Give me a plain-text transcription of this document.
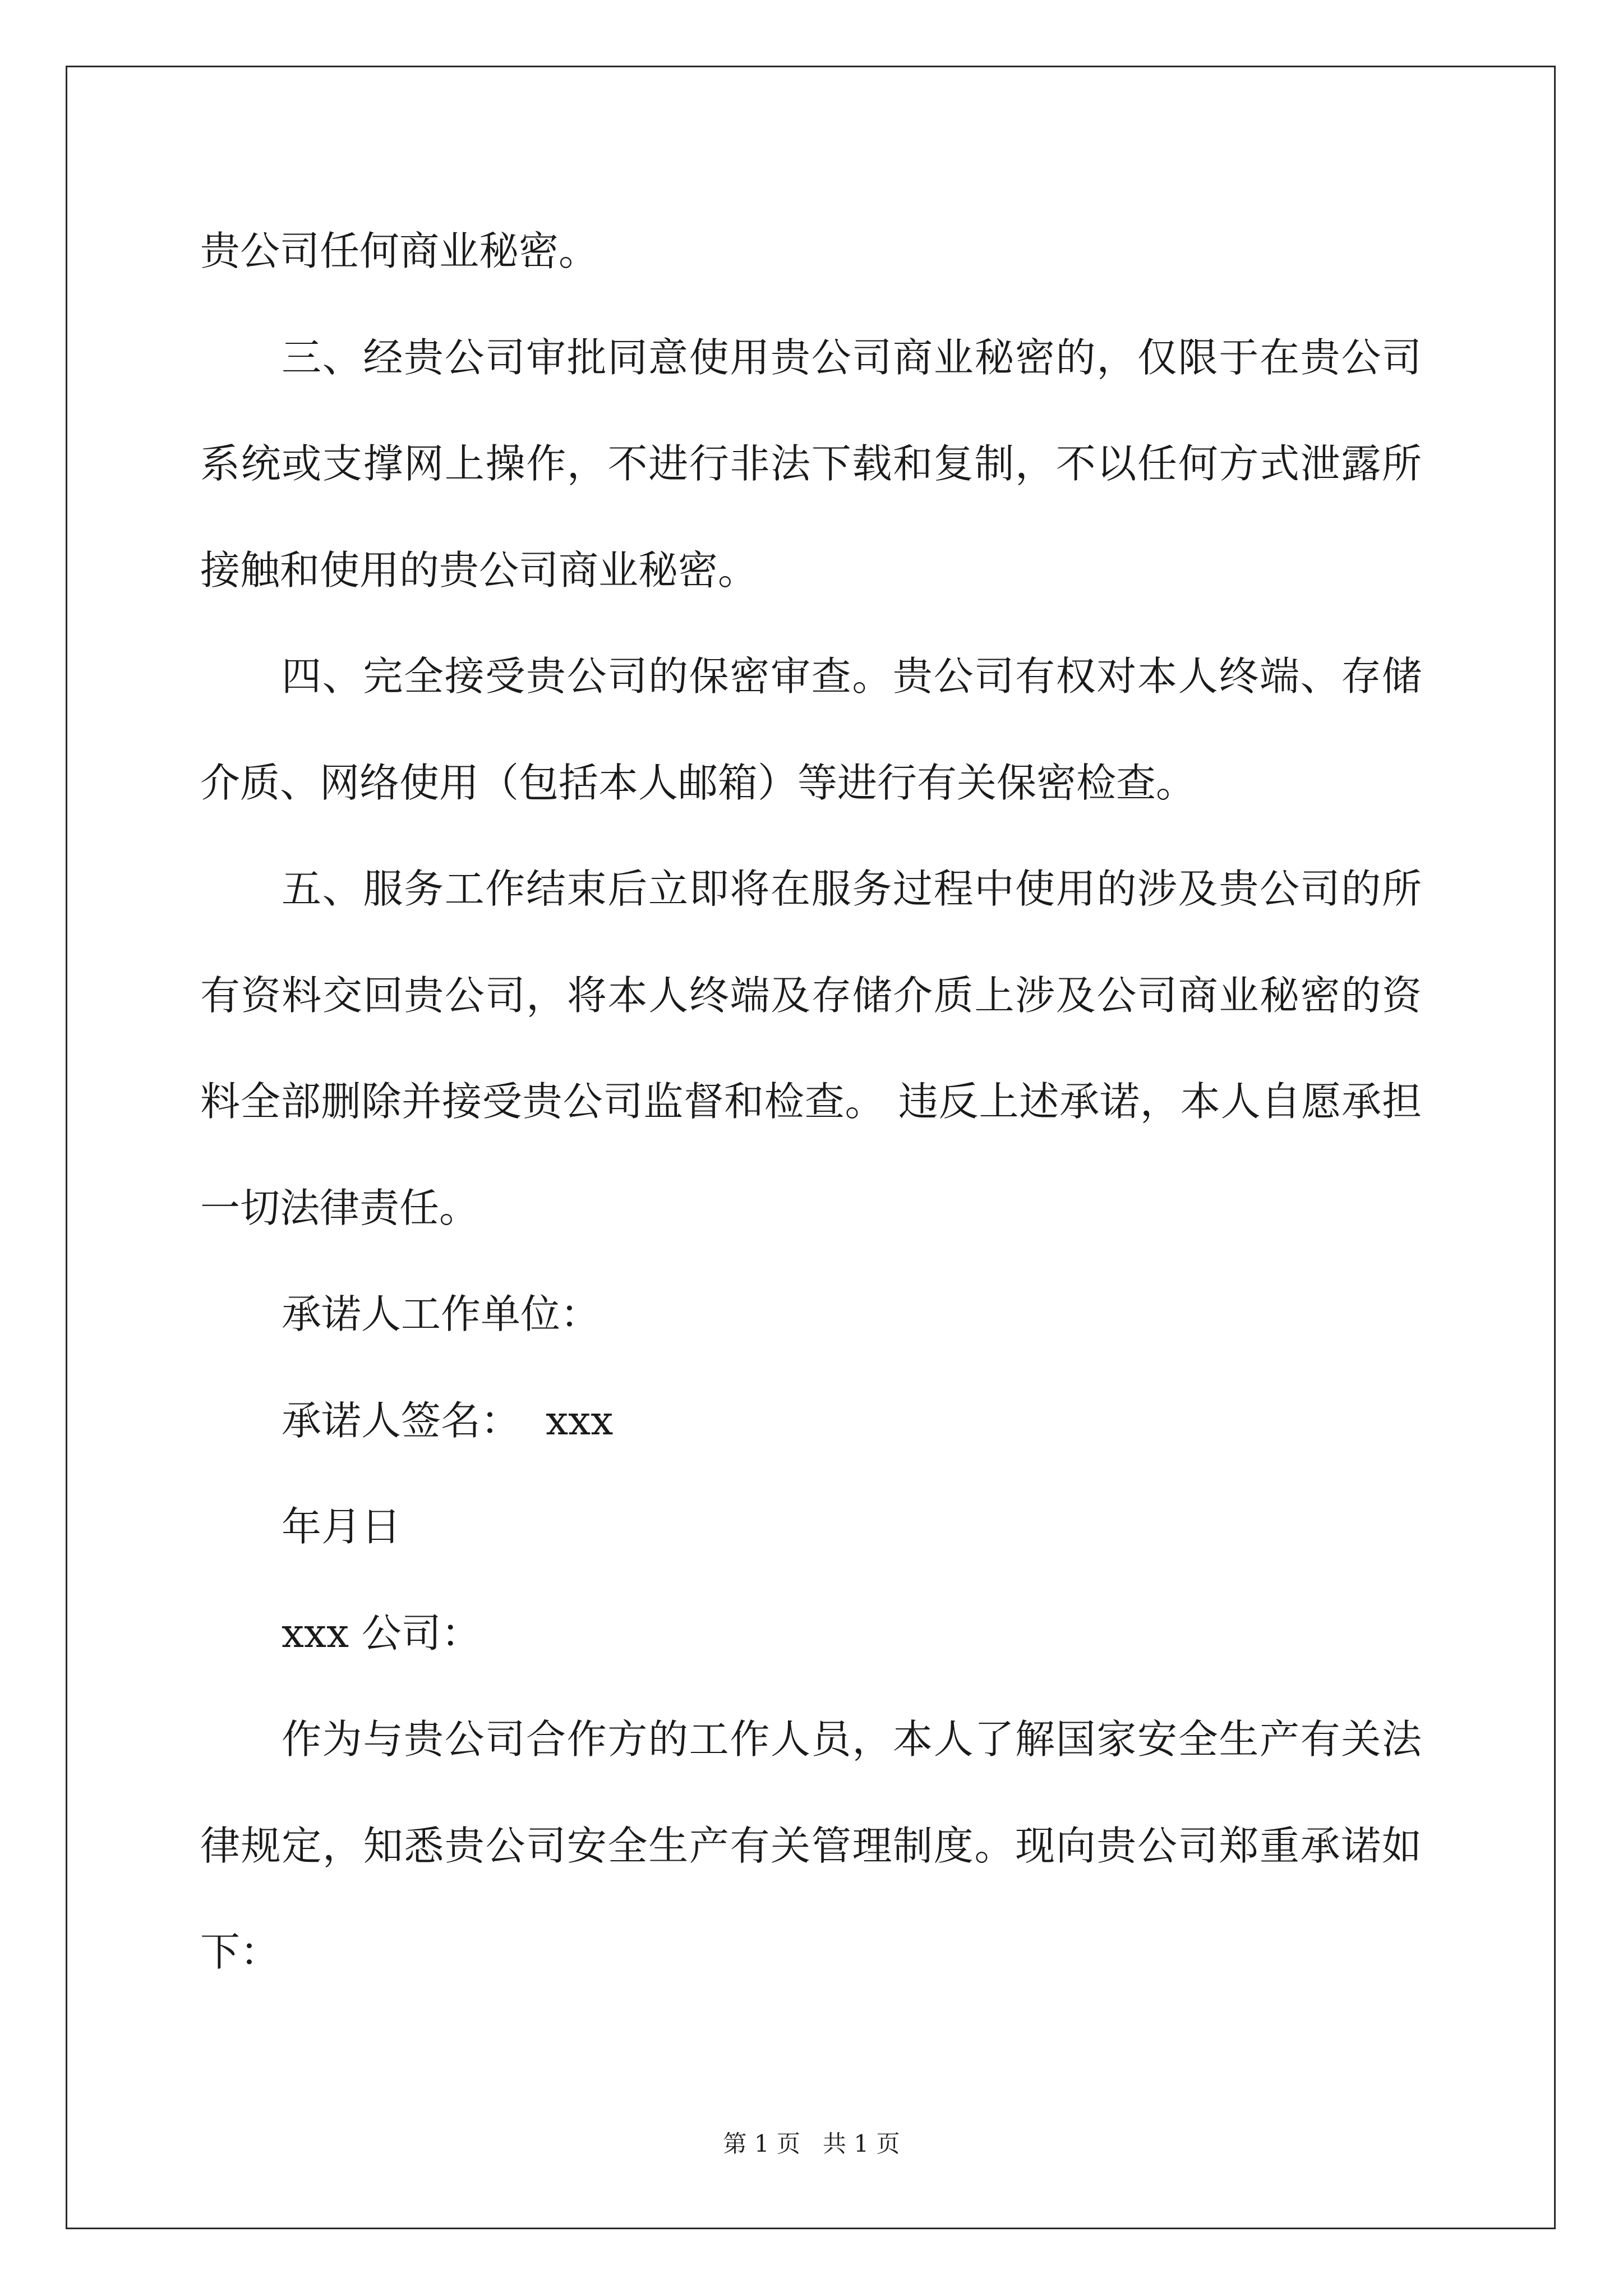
贵公司任何商业秘密。
三、经贵公司审批同意使用贵公司商业秘密的，仅限于在贵公司
系统或支撑网上操作，不进行非法下载和复制，不以任何方式泄露所
接触和使用的贵公司商业秘密。
四、完全接受贵公司的保密审查。贵公司有权对本人终端、存储
介质、网络使用（包括本人邮箱）等进行有关保密检查。
五、服务工作结束后立即将在服务过程中使用的涉及贵公司的所
有资料交回贵公司，将本人终端及存储介质上涉及公司商业秘密的资
料全部删除并接受贵公司监督和检查。 违反上述承诺，本人自愿承担
一切法律责任。
承诺人工作单位：
承诺人签名：  xxx
年月日
xxx 公司：
作为与贵公司合作方的工作人员，本人了解国家安全生产有关法
律规定，知悉贵公司安全生产有关管理制度。现向贵公司郑重承诺如
下：
第 1 页   共 1 页
